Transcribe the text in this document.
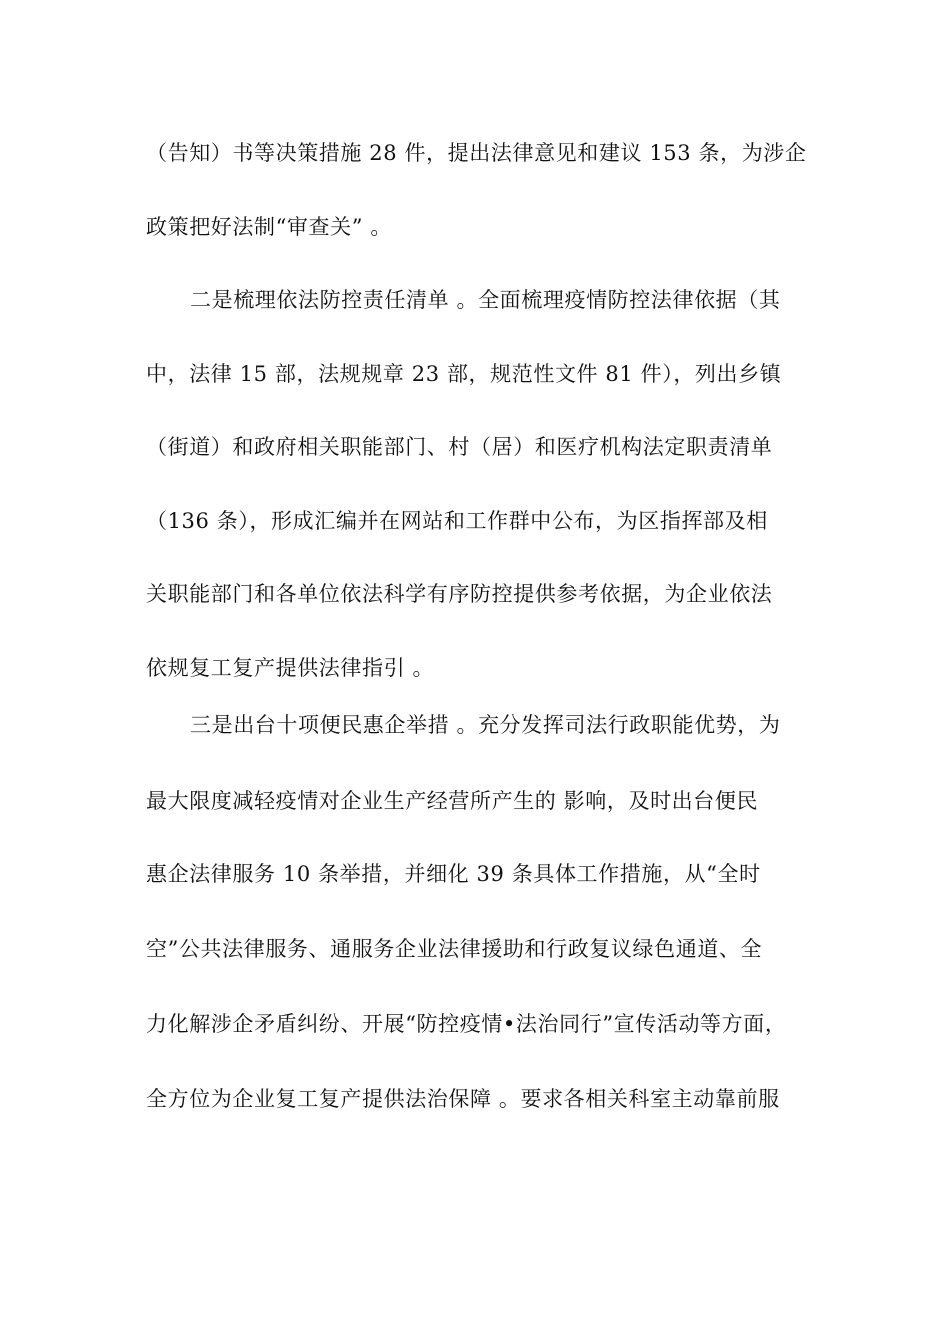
（告知）书等决策措施 28 件，提出法律意见和建议 153 条，为涉企
政策把好法制“审查关” 。
二是梳理依法防控责任清单 。全面梳理疫情防控法律依据（其
中，法律 15 部，法规规章 23 部，规范性文件 81 件），列出乡镇
（街道）和政府相关职能部门、村（居）和医疗机构法定职责清单
（136 条），形成汇编并在网站和工作群中公布，为区指挥部及相
关职能部门和各单位依法科学有序防控提供参考依据，为企业依法
依规复工复产提供法律指引 。
三是出台十项便民惠企举措 。充分发挥司法行政职能优势，为
最大限度减轻疫情对企业生产经营所产生的 影响，及时出台便民
惠企法律服务 10 条举措，并细化 39 条具体工作措施，从“全时
空”公共法律服务、通服务企业法律援助和行政复议绿色通道、全
力化解涉企矛盾纠纷、开展“防控疫情•法治同行”宣传活动等方面，
全方位为企业复工复产提供法治保障 。要求各相关科室主动靠前服
